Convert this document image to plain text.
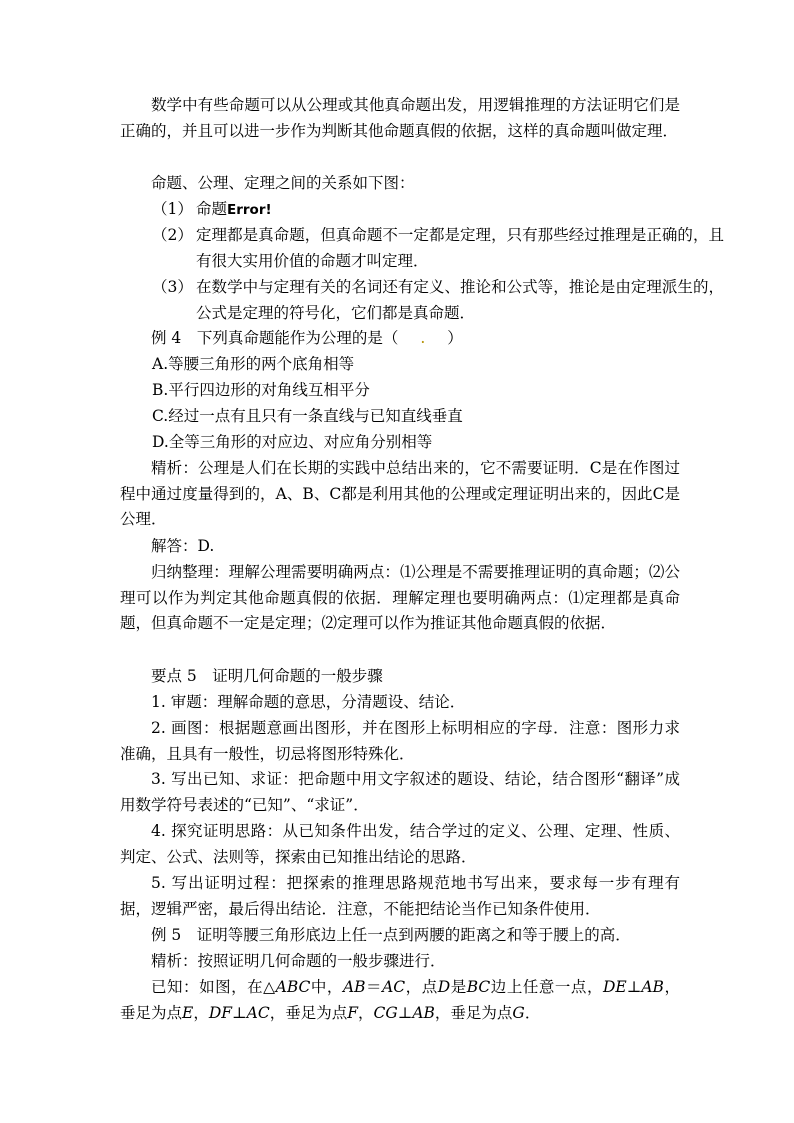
数学中有些命题可以从公理或其他真命题出发，用逻辑推理的方法证明它们是正确的，并且可以进一步作为判断其他命题真假的依据，这样的真命题叫做定理．
命题、公理、定理之间的关系如下图：
（1） 命题Error!
（2） 定理都是真命题，但真命题不一定都是定理，只有那些经过推理是正确的，且有很大实用价值的命题才叫定理．
（3） 在数学中与定理有关的名词还有定义、推论和公式等，推论是由定理派生的，公式是定理的符号化，它们都是真命题．
例 4　 下列真命题能作为公理的是（ . ）
A.等腰三角形的两个底角相等
B.平行四边形的对角线互相平分
C.经过一点有且只有一条直线与已知直线垂直
D.全等三角形的对应边、对应角分别相等
精析：公理是人们在长期的实践中总结出来的，它不需要证明．C是在作图过程中通过度量得到的，A、B、C都是利用其他的公理或定理证明出来的，因此C是公理．
解答：D.
归纳整理：理解公理需要明确两点：⑴公理是不需要推理证明的真命题；⑵公理可以作为判定其他命题真假的依据．理解定理也要明确两点：⑴定理都是真命题，但真命题不一定是定理；⑵定理可以作为推证其他命题真假的依据．
要点 5　证明几何命题的一般步骤
1. 审题：理解命题的意思，分清题设、结论．
2. 画图：根据题意画出图形，并在图形上标明相应的字母．注意：图形力求准确，且具有一般性，切忌将图形特殊化．
3. 写出已知、求证：把命题中用文字叙述的题设、结论，结合图形“翻译”成用数学符号表述的“已知”、“求证”．
4. 探究证明思路：从已知条件出发，结合学过的定义、公理、定理、性质、判定、公式、法则等，探索由已知推出结论的思路．
5. 写出证明过程：把探索的推理思路规范地书写出来，要求每一步有理有据，逻辑严密，最后得出结论．注意，不能把结论当作已知条件使用．
例 5　证明等腰三角形底边上任一点到两腰的距离之和等于腰上的高．
精析：按照证明几何命题的一般步骤进行．
已知：如图，在△ABC中，AB＝AC，点D是BC边上任意一点，DE⊥AB，垂足为点E，DF⊥AC，垂足为点F，CG⊥AB，垂足为点G．
